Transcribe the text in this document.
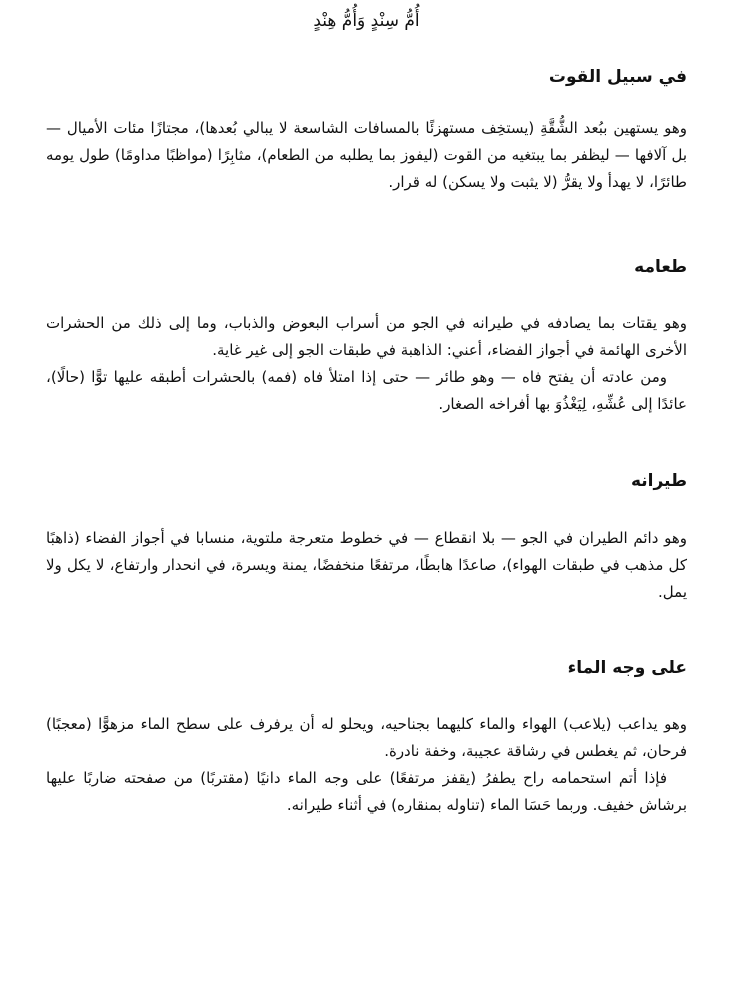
أُمُّ سِنْدٍ وَأُمُّ هِنْدٍ
في سبيل القوت

وهو يستهين ببُعد الشُّقَّةِ (يستخِف مستهزئًا بالمسافات الشاسعة لا يبالي بُعدها)، مجتازًا مئات الأميال — بل آلافها — ليظفر بما يبتغيه من القوت (ليفوز بما يطلبه من الطعام)، مثابِرًا (مواظبًا مداومًا) طول يومه طائرًا، لا يهدأ ولا يقرُّ (لا يثبت ولا يسكن) له قرار.

طعامه

وهو يقتات بما يصادفه في طيرانه في الجو من أسراب البعوض والذباب، وما إلى ذلك من الحشرات الأخرى الهائمة في أجواز الفضاء، أعني: الذاهبة في طبقات الجو إلى غير غاية.

ومن عادته أن يفتح فاه — وهو طائر — حتى إذا امتلأ فاه (فمه) بالحشرات أطبقه عليها توًّا (حالًا)، عائدًا إلى عُشِّهِ، لِيَغْذُوَ بها أفراخه الصغار.

طيرانه

وهو دائم الطيران في الجو — بلا انقطاع — في خطوط متعرجة ملتوية، منسابا في أجواز الفضاء (ذاهبًا كل مذهب في طبقات الهواء)، صاعدًا هابطًا، مرتفعًا منخفضًا، يمنة ويسرة، في انحدار وارتفاع، لا يكل ولا يمل.

على وجه الماء

وهو يداعب (يلاعب) الهواء والماء كليهما بجناحيه، ويحلو له أن يرفرف على سطح الماء مزهوًّا (معجبًا) فرحان، ثم يغطس في رشاقة عجيبة، وخفة نادرة.

فإذا أتم استحمامه راح يطفرُ (يقفز مرتفعًا) على وجه الماء دانيًا (مقتربًا) من صفحته ضاربًا عليها برشاش خفيف. وربما حَسَا الماء (تناوله بمنقاره) في أثناء طيرانه.
